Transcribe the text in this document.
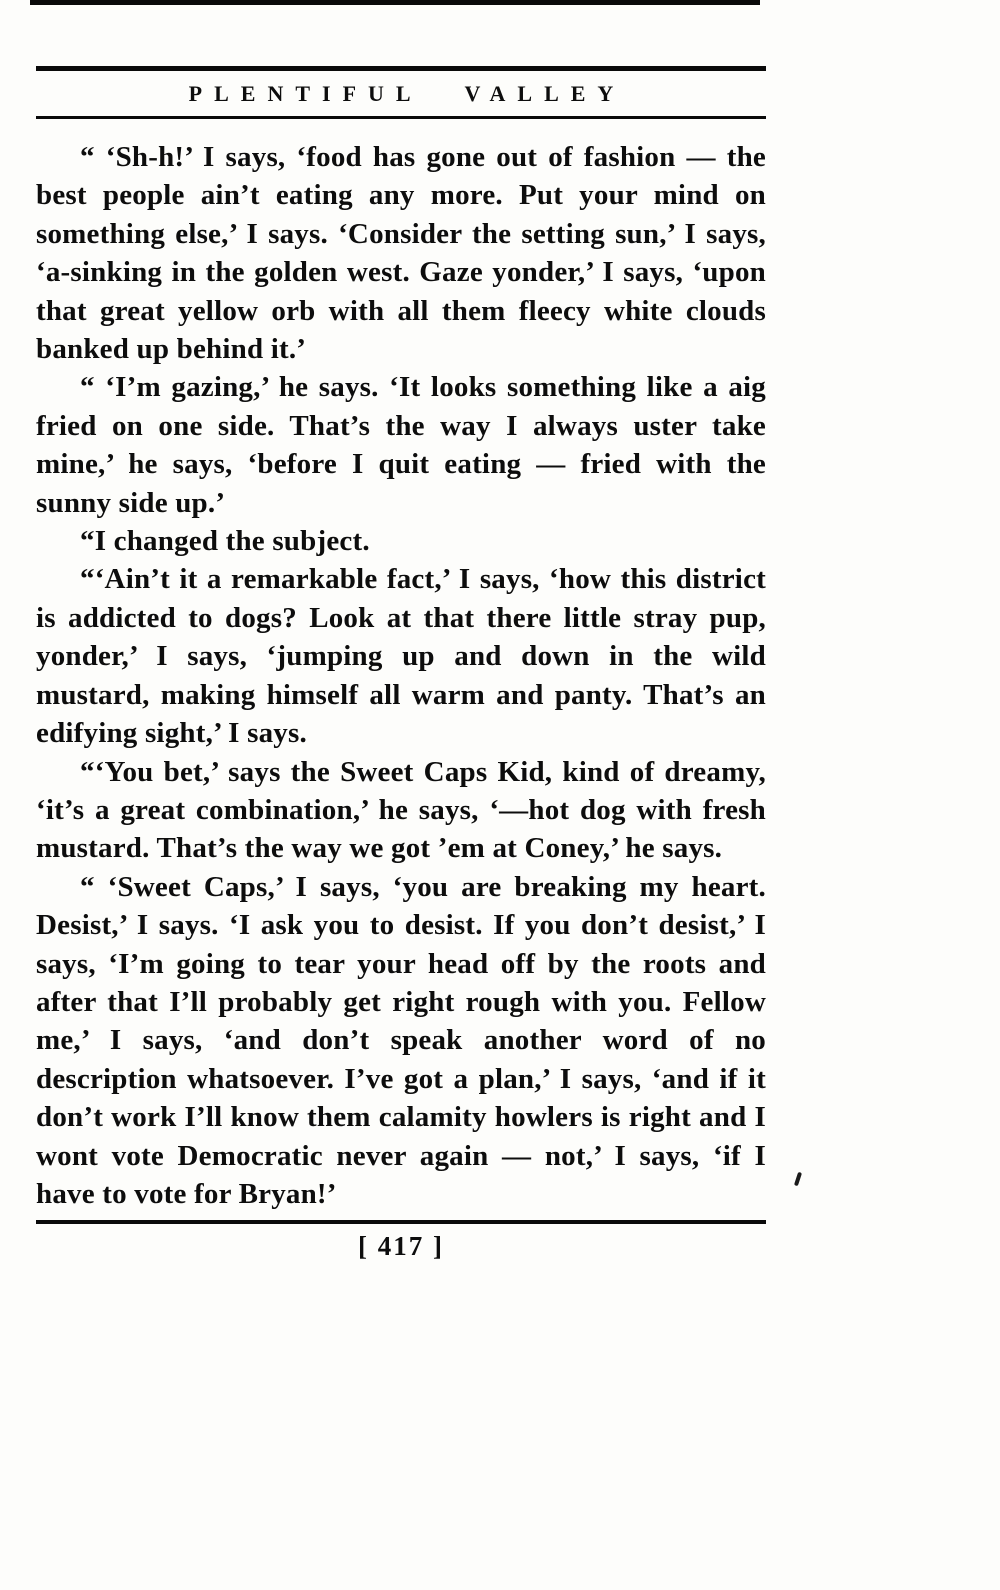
PLENTIFUL VALLEY

“ ‘Sh-h!’ I says, ‘food has gone out of fashion — the best people ain’t eating any more. Put your mind on something else,’ I says. ‘Consider the setting sun,’ I says, ‘a-sinking in the golden west. Gaze yonder,’ I says, ‘upon that great yellow orb with all them fleecy white clouds banked up behind it.’

“ ‘I’m gazing,’ he says. ‘It looks something like a aig fried on one side. That’s the way I always uster take mine,’ he says, ‘before I quit eating — fried with the sunny side up.’

“I changed the subject.

“‘Ain’t it a remarkable fact,’ I says, ‘how this district is addicted to dogs? Look at that there little stray pup, yonder,’ I says, ‘jumping up and down in the wild mustard, making himself all warm and panty. That’s an edifying sight,’ I says.

“‘You bet,’ says the Sweet Caps Kid, kind of dreamy, ‘it’s a great combination,’ he says, ‘—hot dog with fresh mustard. That’s the way we got ’em at Coney,’ he says.

“ ‘Sweet Caps,’ I says, ‘you are breaking my heart. Desist,’ I says. ‘I ask you to desist. If you don’t desist,’ I says, ‘I’m going to tear your head off by the roots and after that I’ll probably get right rough with you. Fellow me,’ I says, ‘and don’t speak another word of no description whatsoever. I’ve got a plan,’ I says, ‘and if it don’t work I’ll know them calamity howlers is right and I wont vote Democratic never again — not,’ I says, ‘if I have to vote for Bryan!’

[ 417 ]
